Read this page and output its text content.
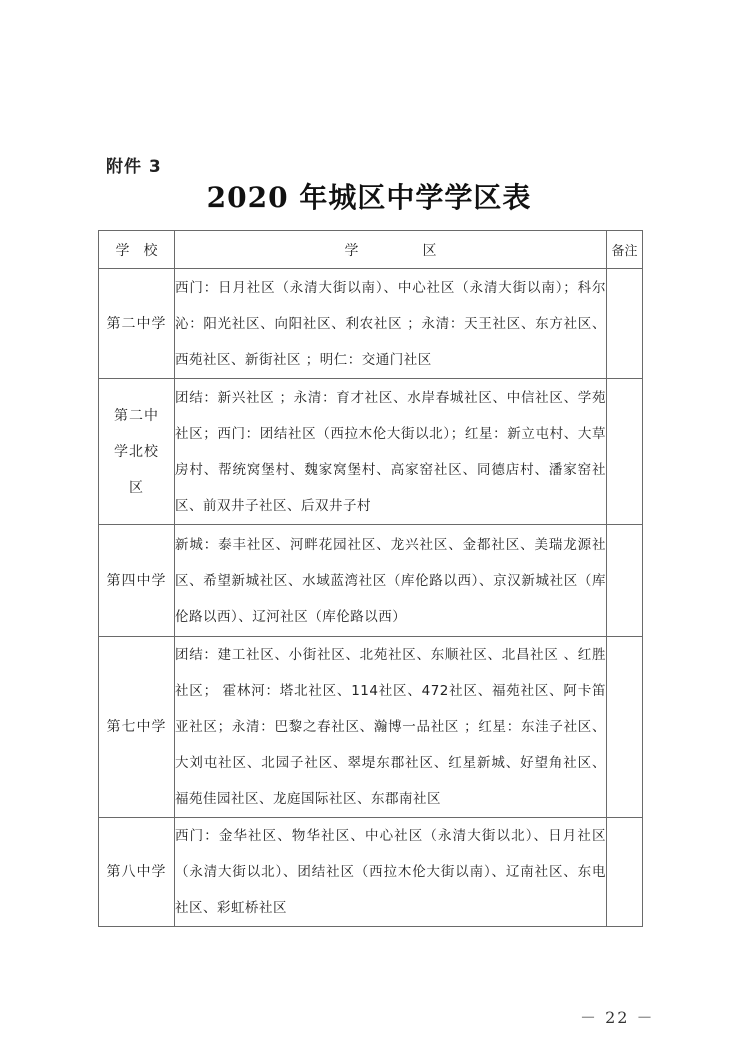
附件 3
2020 年城区中学学区表
学校	学区	备注
第二中学	西门：日月社区（永清大街以南）、中心社区（永清大街以南）；科尔沁：阳光社区、向阳社区、利农社区 ；永清：天王社区、东方社区、西苑社区、新街社区 ；明仁：交通门社区	
第二中学北校区	团结：新兴社区 ；永清：育才社区、水岸春城社区、中信社区、学苑社区；西门：团结社区（西拉木伦大街以北）；红星：新立屯村、大草房村、帮统窝堡村、魏家窝堡村、高家窑社区、同德店村、潘家窑社区、前双井子社区、后双井子村	
第四中学	新城：泰丰社区、河畔花园社区、龙兴社区、金都社区、美瑞龙源社区、希望新城社区、水域蓝湾社区（库伦路以西）、京汉新城社区（库伦路以西）、辽河社区（库伦路以西）	
第七中学	团结：建工社区、小街社区、北苑社区、东顺社区、北昌社区 、红胜社区； 霍林河：塔北社区、114社区、472社区、福苑社区、阿卡笛亚社区；永清：巴黎之春社区、瀚博一品社区 ；红星：东洼子社区、大刘屯社区、北园子社区、翠堤东郡社区、红星新城、好望角社区、福苑佳园社区、龙庭国际社区、东郡南社区	
第八中学	西门：金华社区、物华社区、中心社区（永清大街以北）、日月社区（永清大街以北）、团结社区（西拉木伦大街以南）、辽南社区、东电社区、彩虹桥社区	
－ 22 －
